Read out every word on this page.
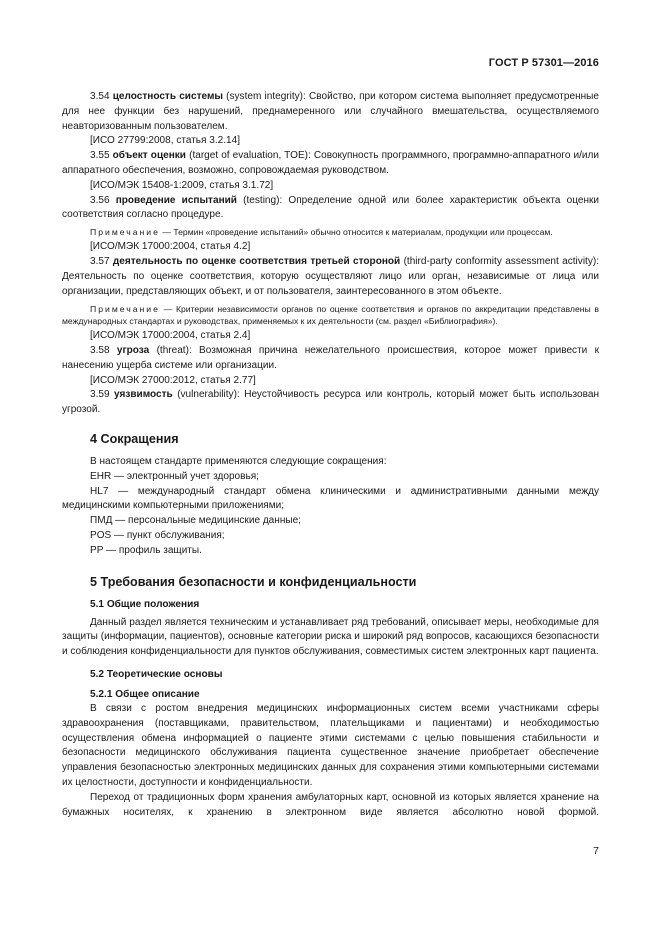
ГОСТ Р 57301—2016

3.54 целостность системы (system integrity): Свойство, при котором система выполняет предусмотренные для нее функции без нарушений, преднамеренного или случайного вмешательства, осуществляемого неавторизованным пользователем.

[ИСО 27799:2008, статья 3.2.14]

3.55 объект оценки (target of evaluation, TOE): Совокупность программного, программно-аппаратного и/или аппаратного обеспечения, возможно, сопровождаемая руководством.

[ИСО/МЭК 15408-1:2009, статья 3.1.72]

3.56 проведение испытаний (testing): Определение одной или более характеристик объекта оценки соответствия согласно процедуре.

Примечание — Термин «проведение испытаний» обычно относится к материалам, продукции или процессам.

[ИСО/МЭК 17000:2004, статья 4.2]

3.57 деятельность по оценке соответствия третьей стороной (third-party conformity assessment activity): Деятельность по оценке соответствия, которую осуществляют лицо или орган, независимые от лица или организации, представляющих объект, и от пользователя, заинтересованного в этом объекте.

Примечание — Критерии независимости органов по оценке соответствия и органов по аккредитации представлены в международных стандартах и руководствах, применяемых к их деятельности (см. раздел «Библиография»).

[ИСО/МЭК 17000:2004, статья 2.4]

3.58 угроза (threat): Возможная причина нежелательного происшествия, которое может привести к нанесению ущерба системе или организации.

[ИСО/МЭК 27000:2012, статья 2.77]

3.59 уязвимость (vulnerability): Неустойчивость ресурса или контроль, который может быть использован угрозой.

4 Сокращения

В настоящем стандарте применяются следующие сокращения:

EHR — электронный учет здоровья;

HL7 — международный стандарт обмена клиническими и административными данными между медицинскими компьютерными приложениями;

ПМД — персональные медицинские данные;

POS — пункт обслуживания;

PP — профиль защиты.

5 Требования безопасности и конфиденциальности
5.1 Общие положения

Данный раздел является техническим и устанавливает ряд требований, описывает меры, необходимые для защиты (информации, пациентов), основные категории риска и широкий ряд вопросов, касающихся безопасности и соблюдения конфиденциальности для пунктов обслуживания, совместимых систем электронных карт пациента.

5.2 Теоретические основы
5.2.1 Общее описание

В связи с ростом внедрения медицинских информационных систем всеми участниками сферы здравоохранения (поставщиками, правительством, плательщиками и пациентами) и необходимостью осуществления обмена информацией о пациенте этими системами с целью повышения стабильности и безопасности медицинского обслуживания пациента существенное значение приобретает обеспечение управления безопасностью электронных медицинских данных для сохранения этими компьютерными системами их целостности, доступности и конфиденциальности.

Переход от традиционных форм хранения амбулаторных карт, основной из которых является хранение на бумажных носителях, к хранению в электронном виде является абсолютно новой формой.

7
